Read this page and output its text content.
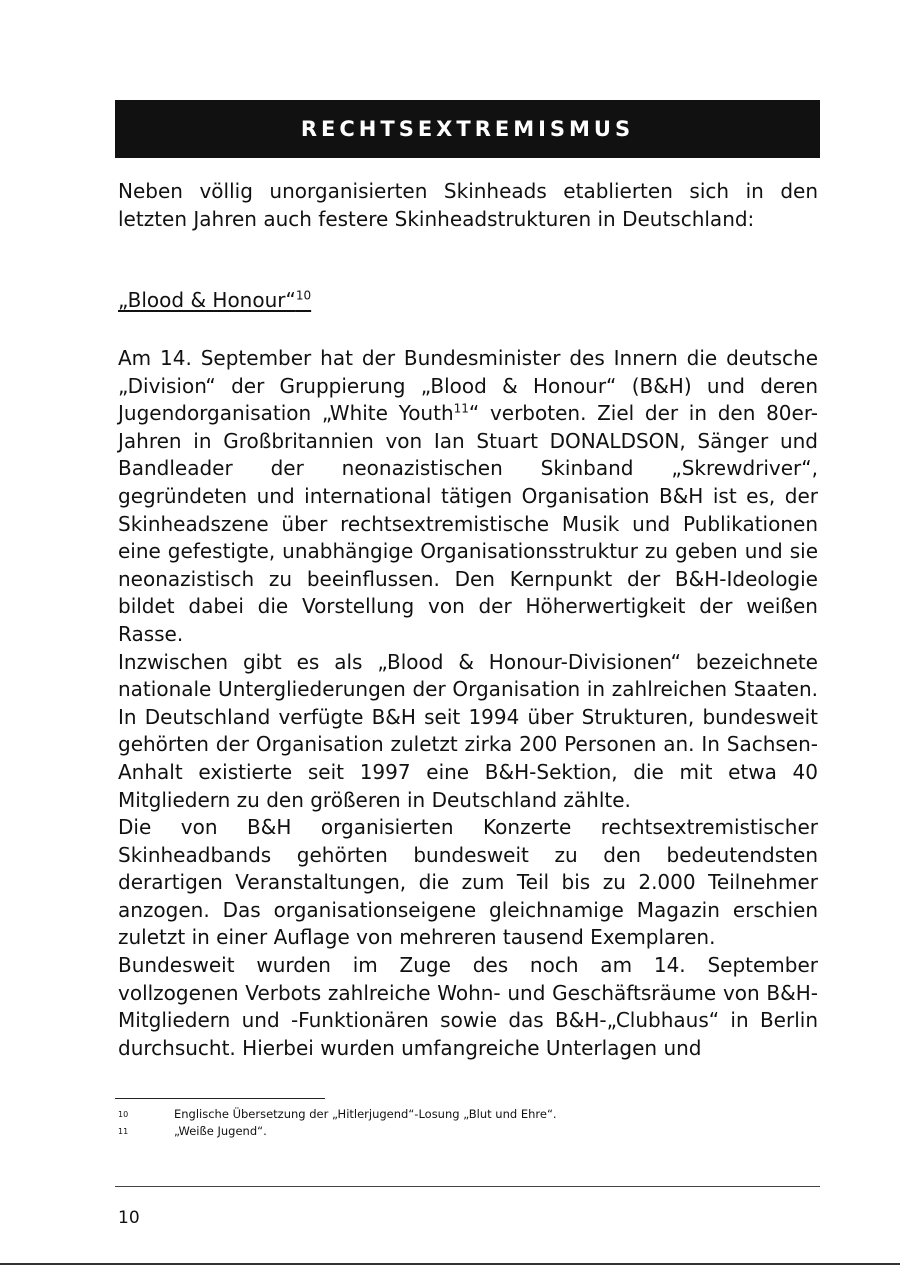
RECHTSEXTREMISMUS

Neben völlig unorganisierten Skinheads etablierten sich in den letzten Jahren auch festere Skinheadstrukturen in Deutschland:

„Blood & Honour“$^{10}$

Am 14. September hat der Bundesminister des Innern die deutsche „Division“ der Gruppierung „Blood & Honour“ (B&H) und deren Jugendorganisation „White Youth$^{11}$“ verboten. Ziel der in den 80er-Jahren in Großbritannien von Ian Stuart DONALDSON, Sänger und Bandleader der neonazistischen Skinband „Skrewdriver“, gegründeten und international tätigen Organisation B&H ist es, der Skinheadszene über rechtsextremistische Musik und Publikationen eine gefestigte, unabhängige Organisationsstruktur zu geben und sie neonazistisch zu beeinflussen. Den Kernpunkt der B&H-Ideologie bildet dabei die Vorstellung von der Höherwertigkeit der weißen Rasse.

Inzwischen gibt es als „Blood & Honour-Divisionen“ bezeichnete nationale Untergliederungen der Organisation in zahlreichen Staaten. In Deutschland verfügte B&H seit 1994 über Strukturen, bundesweit gehörten der Organisation zuletzt zirka 200 Personen an. In Sachsen-Anhalt existierte seit 1997 eine B&H-Sektion, die mit etwa 40 Mitgliedern zu den größeren in Deutschland zählte.

Die von B&H organisierten Konzerte rechtsextremistischer Skinheadbands gehörten bundesweit zu den bedeutendsten derartigen Veranstaltungen, die zum Teil bis zu 2.000 Teilnehmer anzogen. Das organisationseigene gleichnamige Magazin erschien zuletzt in einer Auflage von mehreren tausend Exemplaren.

Bundesweit wurden im Zuge des noch am 14. September vollzogenen Verbots zahlreiche Wohn- und Geschäftsräume von B&H-Mitgliedern und -Funktionären sowie das B&H-„Clubhaus“ in Berlin durchsucht. Hierbei wurden umfangreiche Unterlagen und

10	Englische Übersetzung der „Hitlerjugend“-Losung „Blut und Ehre“.
11	„Weiße Jugend“.
10
